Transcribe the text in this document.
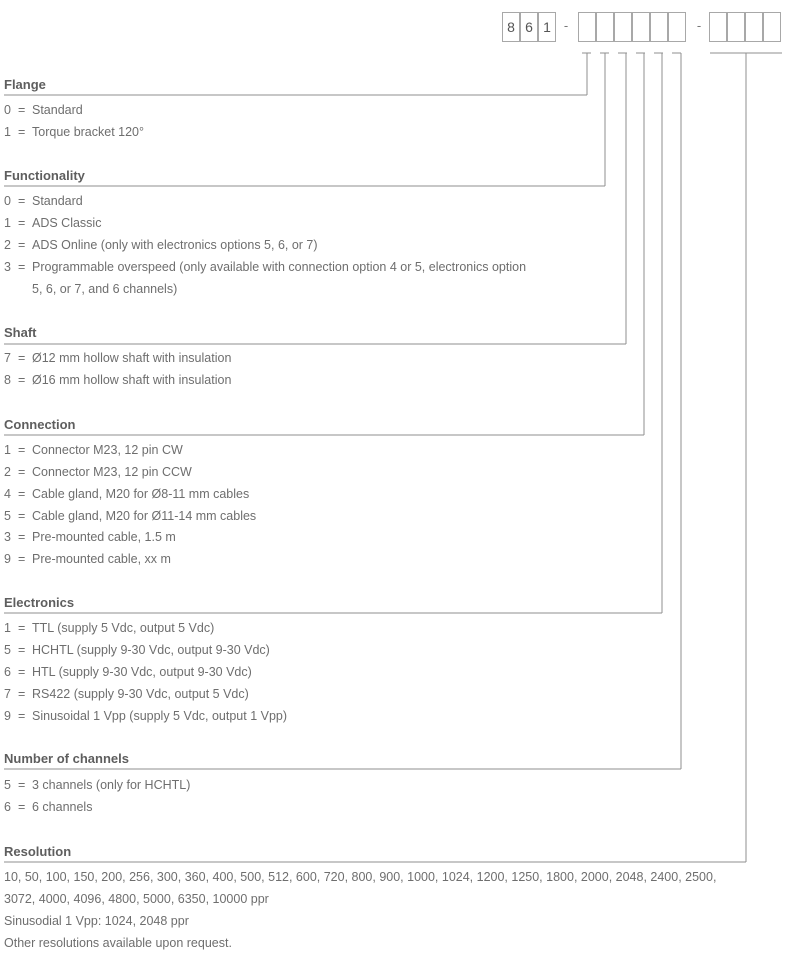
8 6 1 -	-
Flange
0 = Standard
1 = Torque bracket 120°
Functionality
0 = Standard
1 = ADS Classic
2 = ADS Online (only with electronics options 5, 6, or 7)
3 = Programmable overspeed (only available with connection option 4 or 5, electronics option
5, 6, or 7, and 6 channels)
Shaft
7 = Ø12 mm hollow shaft with insulation
8 = Ø16 mm hollow shaft with insulation
Connection
1 = Connector M23, 12 pin CW
2 = Connector M23, 12 pin CCW
4 = Cable gland, M20 for Ø8-11 mm cables
5 = Cable gland, M20 for Ø11-14 mm cables
3 = Pre-mounted cable, 1.5 m
9 = Pre-mounted cable, xx m
Electronics
1 = TTL (supply 5 Vdc, output 5 Vdc)
5 = HCHTL (supply 9-30 Vdc, output 9-30 Vdc)
6 = HTL (supply 9-30 Vdc, output 9-30 Vdc)
7 = RS422 (supply 9-30 Vdc, output 5 Vdc)
9 = Sinusoidal 1 Vpp (supply 5 Vdc, output 1 Vpp)
Number of channels
5 = 3 channels (only for HCHTL)
6 = 6 channels
Resolution
10, 50, 100, 150, 200, 256, 300, 360, 400, 500, 512, 600, 720, 800, 900, 1000, 1024, 1200, 1250, 1800, 2000, 2048, 2400, 2500,
3072, 4000, 4096, 4800, 5000, 6350, 10000 ppr
Sinusodial 1 Vpp: 1024, 2048 ppr
Other resolutions available upon request.
